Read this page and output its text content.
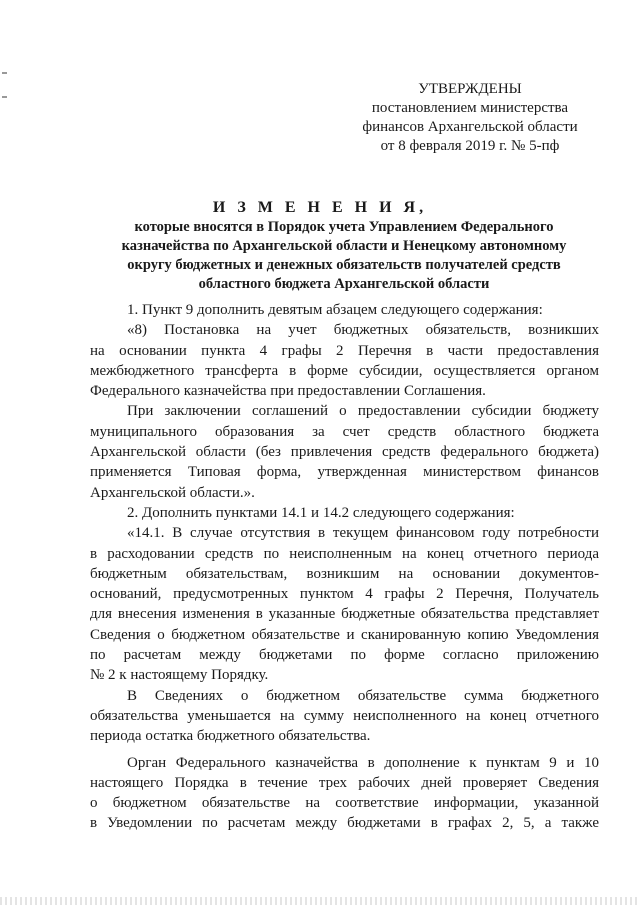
УТВЕРЖДЕНЫ
постановлением министерства
финансов Архангельской области
от 8 февраля 2019 г. № 5-пф
И З М Е Н Е Н И Я,
которые вносятся в Порядок учета Управлением Федерального
казначейства по Архангельской области и Ненецкому автономному
округу бюджетных и денежных обязательств получателей средств
областного бюджета Архангельской области
1. Пункт 9 дополнить девятым абзацем следующего содержания:
«8) Постановка на учет бюджетных обязательств, возникших
на основании пункта 4 графы 2 Перечня в части предоставления
межбюджетного трансферта в форме субсидии, осуществляется органом
Федерального казначейства при предоставлении Соглашения.
При заключении соглашений о предоставлении субсидии бюджету
муниципального образования за счет средств областного бюджета
Архангельской области (без привлечения средств федерального бюджета)
применяется Типовая форма, утвержденная министерством финансов
Архангельской области.».
2. Дополнить пунктами 14.1 и 14.2 следующего содержания:
«14.1. В случае отсутствия в текущем финансовом году потребности
в расходовании средств по неисполненным на конец отчетного периода
бюджетным обязательствам, возникшим на основании документов-
оснований, предусмотренных пунктом 4 графы 2 Перечня, Получатель
для внесения изменения в указанные бюджетные обязательства представляет
Сведения о бюджетном обязательстве и сканированную копию Уведомления
по расчетам между бюджетами по форме согласно приложению
№ 2 к настоящему Порядку.
В Сведениях о бюджетном обязательстве сумма бюджетного
обязательства уменьшается на сумму неисполненного на конец отчетного
периода остатка бюджетного обязательства.
Орган Федерального казначейства в дополнение к пунктам 9 и 10
настоящего Порядка в течение трех рабочих дней проверяет Сведения
о бюджетном обязательстве на соответствие информации, указанной
в Уведомлении по расчетам между бюджетами в графах 2, 5, а также
